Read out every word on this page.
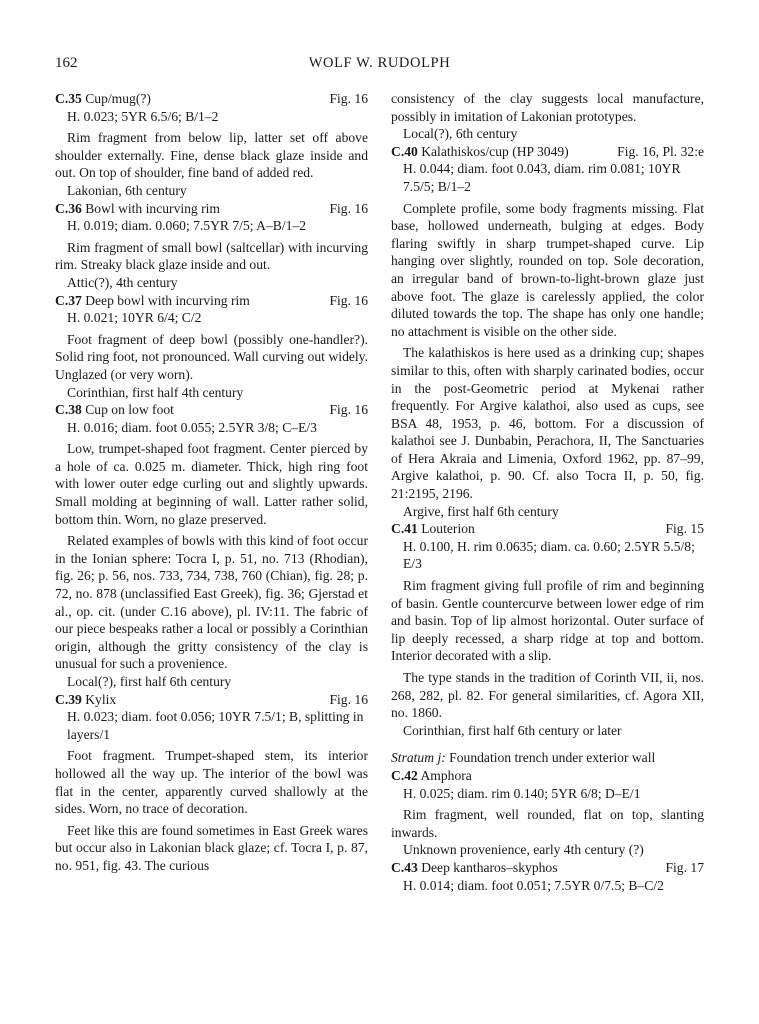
162	WOLF W. RUDOLPH
C.35 Cup/mug(?)	Fig. 16
H. 0.023; 5YR 6.5/6; B/1–2
Rim fragment from below lip, latter set off above shoulder externally. Fine, dense black glaze inside and out. On top of shoulder, fine band of added red.
Lakonian, 6th century
C.36 Bowl with incurving rim	Fig. 16
H. 0.019; diam. 0.060; 7.5YR 7/5; A–B/1–2
Rim fragment of small bowl (saltcellar) with incurving rim. Streaky black glaze inside and out.
Attic(?), 4th century
C.37 Deep bowl with incurving rim	Fig. 16
H. 0.021; 10YR 6/4; C/2
Foot fragment of deep bowl (possibly one-handler?). Solid ring foot, not pronounced. Wall curving out widely. Unglazed (or very worn).
Corinthian, first half 4th century
C.38 Cup on low foot	Fig. 16
H. 0.016; diam. foot 0.055; 2.5YR 3/8; C–E/3
Low, trumpet-shaped foot fragment. Center pierced by a hole of ca. 0.025 m. diameter. Thick, high ring foot with lower outer edge curling out and slightly upwards. Small molding at beginning of wall. Latter rather solid, bottom thin. Worn, no glaze preserved.
Related examples of bowls with this kind of foot occur in the Ionian sphere: Tocra I, p. 51, no. 713 (Rhodian), fig. 26; p. 56, nos. 733, 734, 738, 760 (Chian), fig. 28; p. 72, no. 878 (unclassified East Greek), fig. 36; Gjerstad et al., op. cit. (under C.16 above), pl. IV:11. The fabric of our piece bespeaks rather a local or possibly a Corinthian origin, although the gritty consistency of the clay is unusual for such a provenience.
Local(?), first half 6th century
C.39 Kylix	Fig. 16
H. 0.023; diam. foot 0.056; 10YR 7.5/1; B, splitting in layers/1
Foot fragment. Trumpet-shaped stem, its interior hollowed all the way up. The interior of the bowl was flat in the center, apparently curved shallowly at the sides. Worn, no trace of decoration.
Feet like this are found sometimes in East Greek wares but occur also in Lakonian black glaze; cf. Tocra I, p. 87, no. 951, fig. 43. The curious
consistency of the clay suggests local manufacture, possibly in imitation of Lakonian prototypes.
Local(?), 6th century
C.40 Kalathiskos/cup (HP 3049)	Fig. 16, Pl. 32:e
H. 0.044; diam. foot 0.043, diam. rim 0.081; 10YR 7.5/5; B/1–2
Complete profile, some body fragments missing. Flat base, hollowed underneath, bulging at edges. Body flaring swiftly in sharp trumpet-shaped curve. Lip hanging over slightly, rounded on top. Sole decoration, an irregular band of brown-to-light-brown glaze just above foot. The glaze is carelessly applied, the color diluted towards the top. The shape has only one handle; no attachment is visible on the other side.
The kalathiskos is here used as a drinking cup; shapes similar to this, often with sharply carinated bodies, occur in the post-Geometric period at Mykenai rather frequently. For Argive kalathoi, also used as cups, see BSA 48, 1953, p. 46, bottom. For a discussion of kalathoi see J. Dunbabin, Perachora, II, The Sanctuaries of Hera Akraia and Limenia, Oxford 1962, pp. 87–99, Argive kalathoi, p. 90. Cf. also Tocra II, p. 50, fig. 21:2195, 2196.
Argive, first half 6th century
C.41 Louterion	Fig. 15
H. 0.100, H. rim 0.0635; diam. ca. 0.60; 2.5YR 5.5/8; E/3
Rim fragment giving full profile of rim and beginning of basin. Gentle countercurve between lower edge of rim and basin. Top of lip almost horizontal. Outer surface of lip deeply recessed, a sharp ridge at top and bottom. Interior decorated with a slip.
The type stands in the tradition of Corinth VII, ii, nos. 268, 282, pl. 82. For general similarities, cf. Agora XII, no. 1860.
Corinthian, first half 6th century or later
Stratum j: Foundation trench under exterior wall
C.42 Amphora
H. 0.025; diam. rim 0.140; 5YR 6/8; D–E/1
Rim fragment, well rounded, flat on top, slanting inwards.
Unknown provenience, early 4th century (?)
C.43 Deep kantharos–skyphos	Fig. 17
H. 0.014; diam. foot 0.051; 7.5YR 0/7.5; B–C/2
